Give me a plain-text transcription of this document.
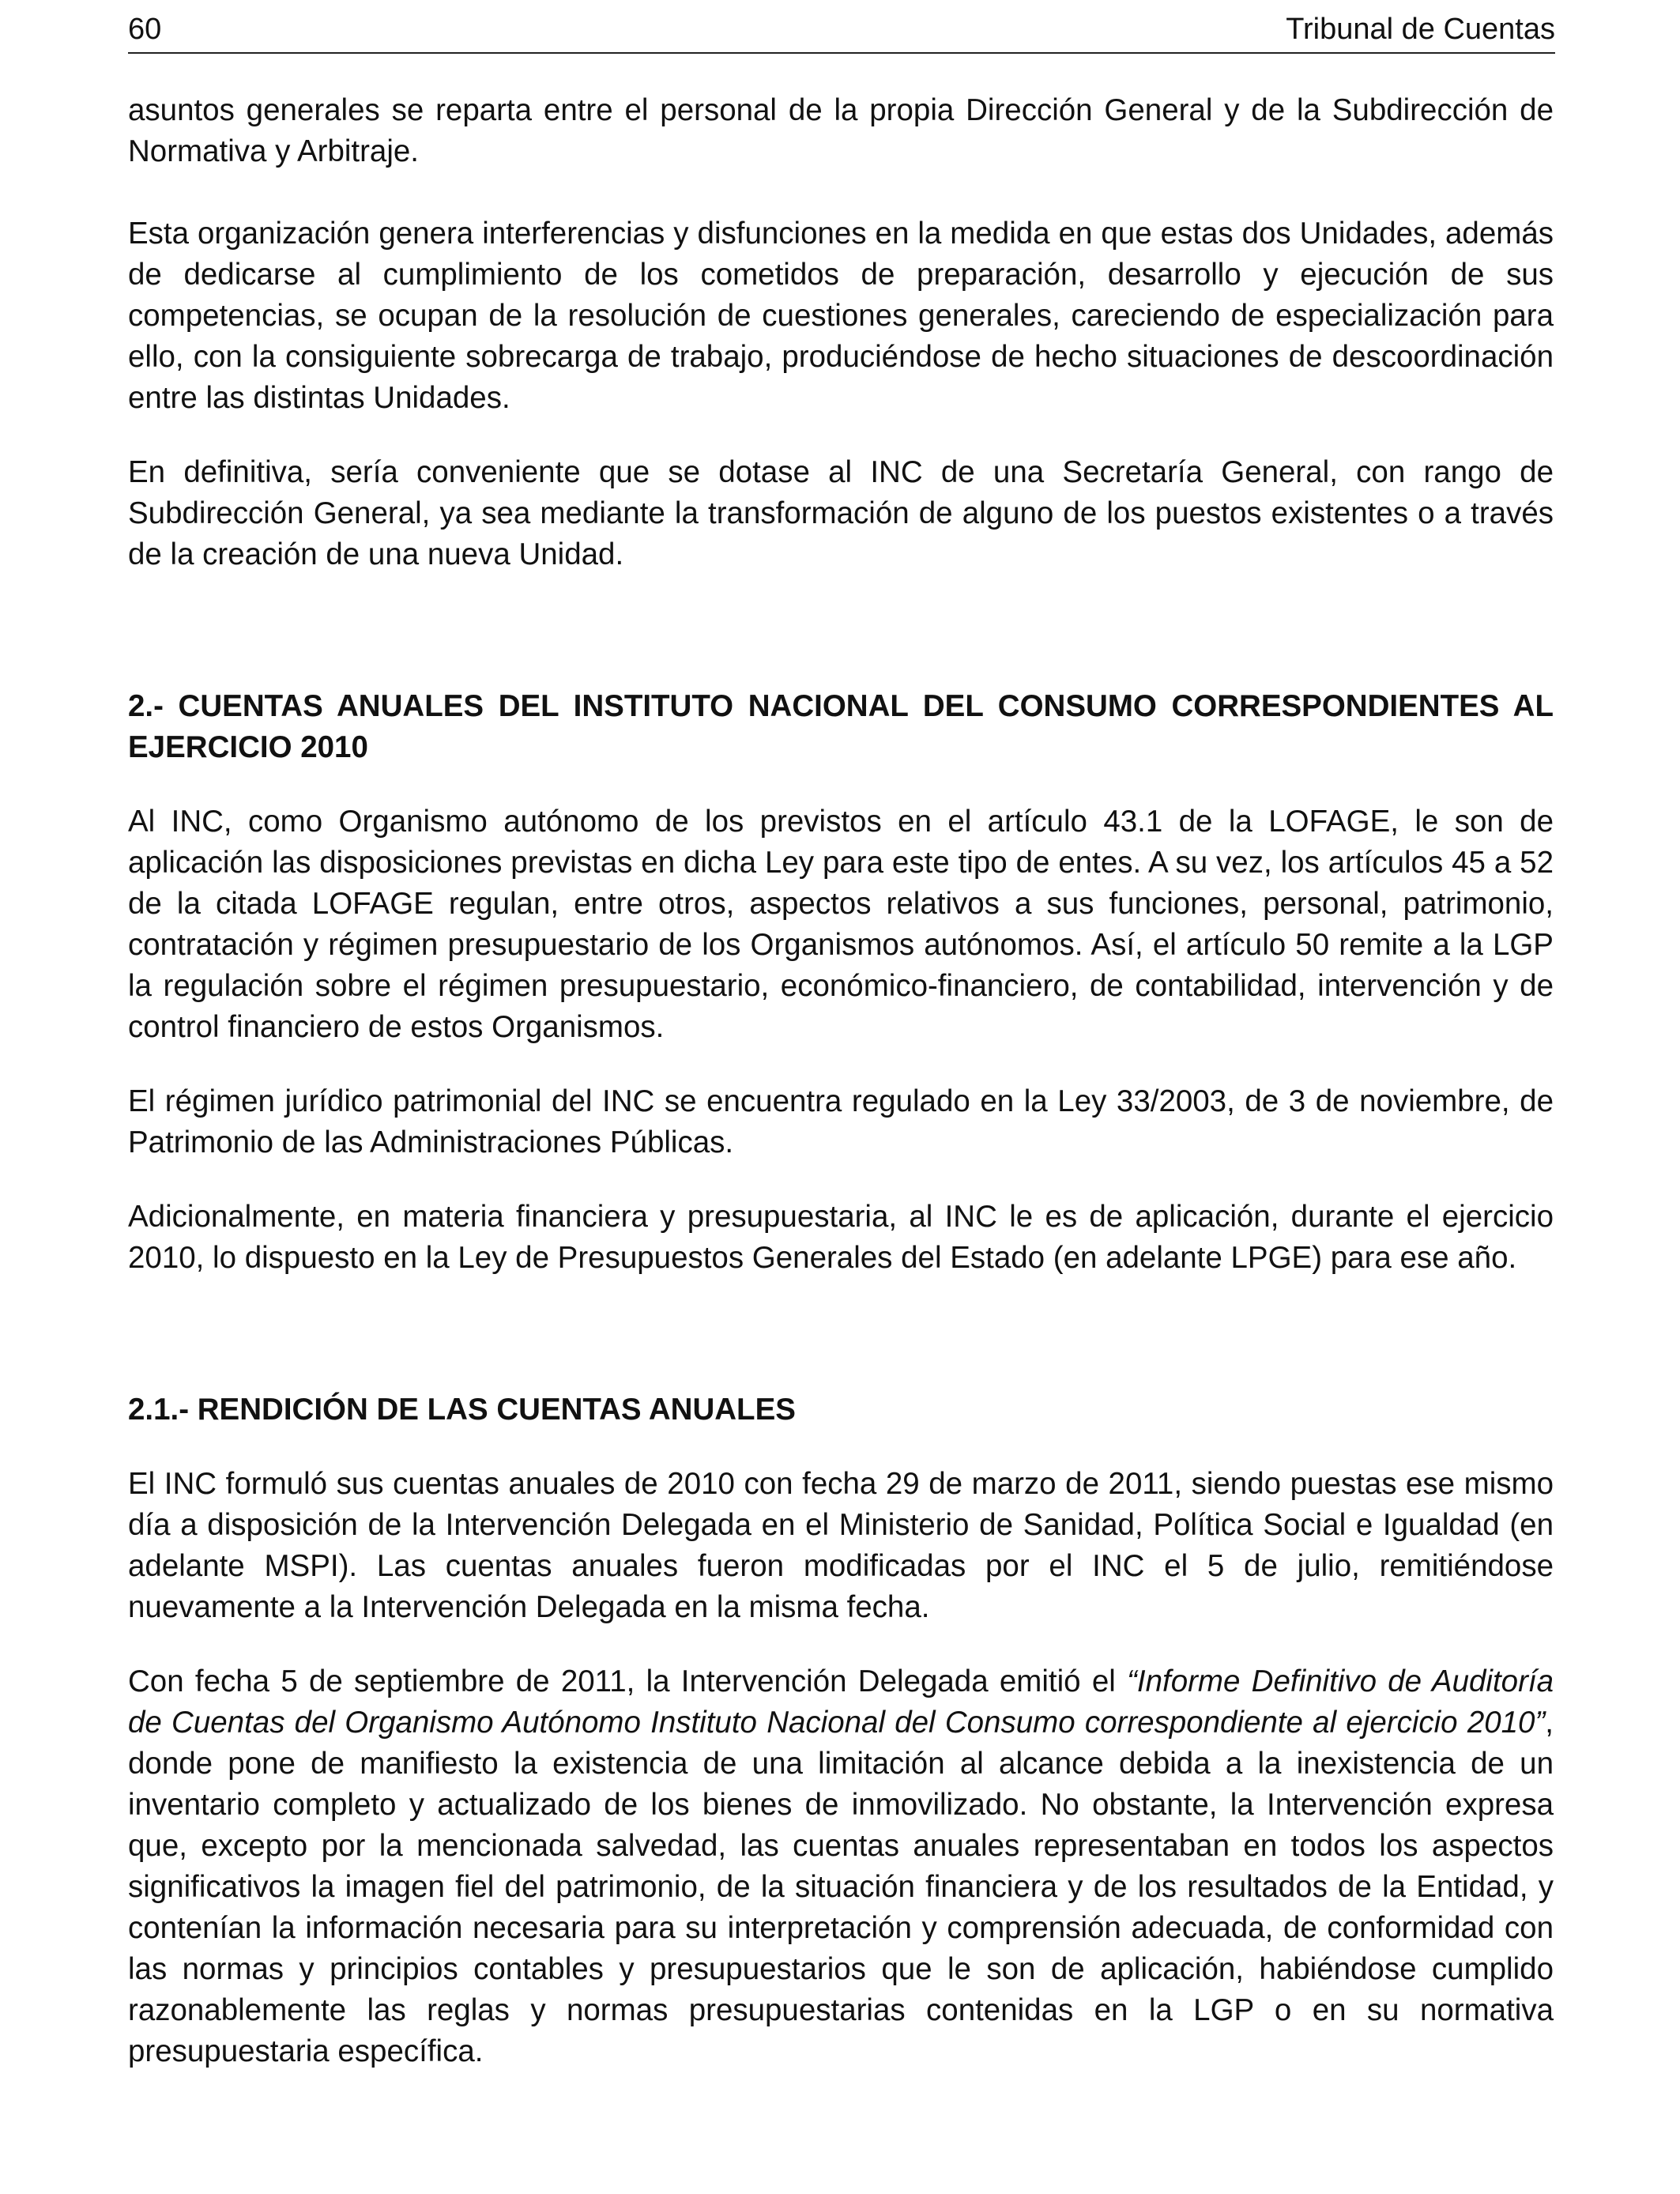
60	Tribunal de Cuentas

asuntos generales se reparta entre el personal de la propia Dirección General y de la Subdirección de Normativa y Arbitraje.

Esta organización genera interferencias y disfunciones en la medida en que estas dos Unidades, además de dedicarse al cumplimiento de los cometidos de preparación, desarrollo y ejecución de sus competencias, se ocupan de la resolución de cuestiones generales, careciendo de especialización para ello, con la consiguiente sobrecarga de trabajo, produciéndose de hecho situaciones de descoordinación entre las distintas Unidades.

En definitiva, sería conveniente que se dotase al INC de una Secretaría General, con rango de Subdirección General, ya sea mediante la transformación de alguno de los puestos existentes o a través de la creación de una nueva Unidad.

2.- CUENTAS ANUALES DEL INSTITUTO NACIONAL DEL CONSUMO CORRESPONDIENTES AL EJERCICIO 2010

Al INC, como Organismo autónomo de los previstos en el artículo 43.1 de la LOFAGE, le son de aplicación las disposiciones previstas en dicha Ley para este tipo de entes. A su vez, los artículos 45 a 52 de la citada LOFAGE regulan, entre otros, aspectos relativos a sus funciones, personal, patrimonio, contratación y régimen presupuestario de los Organismos autónomos. Así, el artículo 50 remite a la LGP la regulación sobre el régimen presupuestario, económico-financiero, de contabilidad, intervención y de control financiero de estos Organismos.

El régimen jurídico patrimonial del INC se encuentra regulado en la Ley 33/2003, de 3 de noviembre, de Patrimonio de las Administraciones Públicas.

Adicionalmente, en materia financiera y presupuestaria, al INC le es de aplicación, durante el ejercicio 2010, lo dispuesto en la Ley de Presupuestos Generales del Estado (en adelante LPGE) para ese año.

2.1.- RENDICIÓN DE LAS CUENTAS ANUALES

El INC formuló sus cuentas anuales de 2010 con fecha 29 de marzo de 2011, siendo puestas ese mismo día a disposición de la Intervención Delegada en el Ministerio de Sanidad, Política Social e Igualdad (en adelante MSPI). Las cuentas anuales fueron modificadas por el INC el 5 de julio, remitiéndose nuevamente a la Intervención Delegada en la misma fecha.

Con fecha 5 de septiembre de 2011, la Intervención Delegada emitió el “Informe Definitivo de Auditoría de Cuentas del Organismo Autónomo Instituto Nacional del Consumo correspondiente al ejercicio 2010”, donde pone de manifiesto la existencia de una limitación al alcance debida a la inexistencia de un inventario completo y actualizado de los bienes de inmovilizado. No obstante, la Intervención expresa que, excepto por la mencionada salvedad, las cuentas anuales representaban en todos los aspectos significativos la imagen fiel del patrimonio, de la situación financiera y de los resultados de la Entidad, y contenían la información necesaria para su interpretación y comprensión adecuada, de conformidad con las normas y principios contables y presupuestarios que le son de aplicación, habiéndose cumplido razonablemente las reglas y normas presupuestarias contenidas en la LGP o en su normativa presupuestaria específica.
